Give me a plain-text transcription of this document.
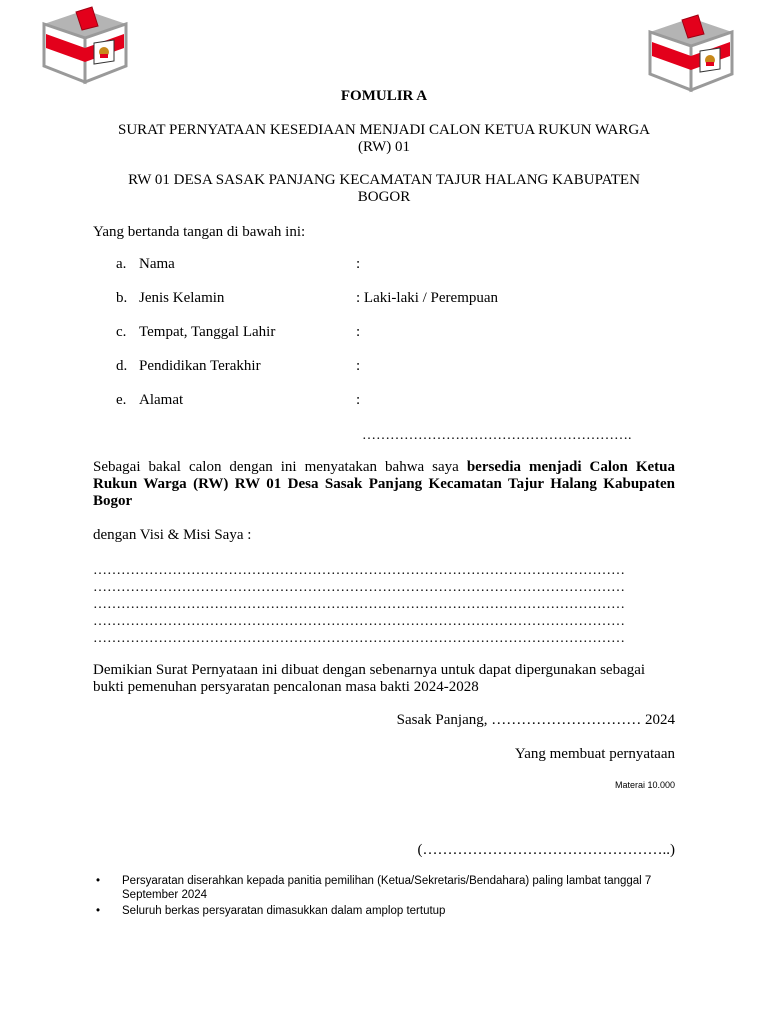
FOMULIR A
SURAT PERNYATAAN KESEDIAAN MENJADI CALON KETUA RUKUN WARGA
(RW) 01
RW 01 DESA SASAK PANJANG KECAMATAN TAJUR HALANG KABUPATEN
BOGOR
Yang bertanda tangan di bawah ini:
a. Nama	:
b. Jenis Kelamin	: Laki-laki / Perempuan
c. Tempat, Tanggal Lahir	:
d. Pendidikan Terakhir	:
e. Alamat	:
………………………………………………….
Sebagai bakal calon dengan ini menyatakan bahwa saya bersedia menjadi Calon Ketua Rukun Warga (RW) RW 01 Desa Sasak Panjang Kecamatan Tajur Halang Kabupaten Bogor
dengan Visi & Misi Saya :
……………………………………………………………………………………………………
……………………………………………………………………………………………………
……………………………………………………………………………………………………
……………………………………………………………………………………………………
……………………………………………………………………………………………………
Demikian Surat Pernyataan ini dibuat dengan sebenarnya untuk dapat dipergunakan sebagai bukti pemenuhan persyaratan pencalonan masa bakti 2024-2028
Sasak Panjang, ………………………… 2024
Yang membuat pernyataan
Materai 10.000
(…………………………………………..)
• Persyaratan diserahkan kepada panitia pemilihan (Ketua/Sekretaris/Bendahara) paling lambat tanggal 7 September 2024
• Seluruh berkas persyaratan dimasukkan dalam amplop tertutup
